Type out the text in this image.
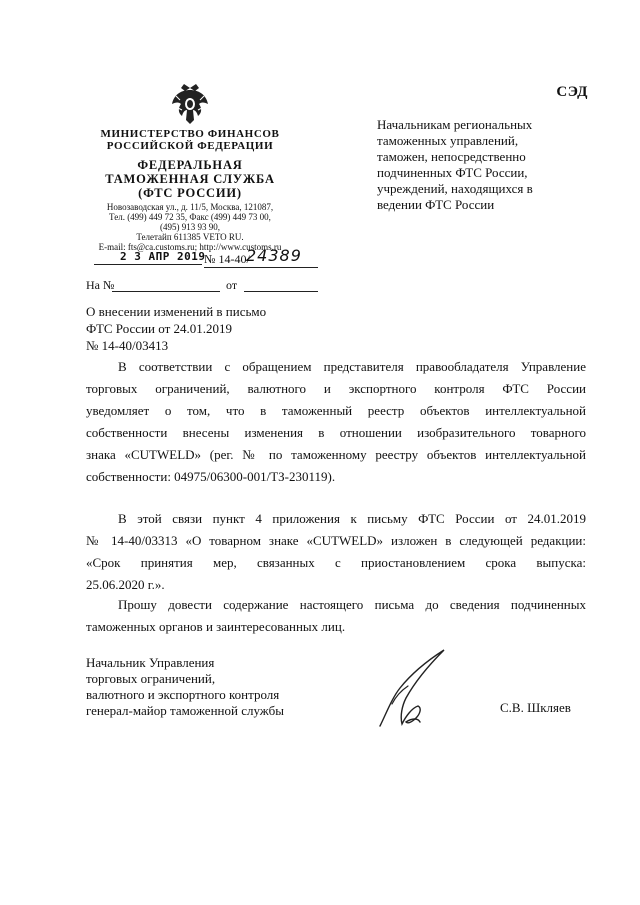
СЭД
МИНИСТЕРСТВО ФИНАНСОВ
РОССИЙСКОЙ ФЕДЕРАЦИИ
ФЕДЕРАЛЬНАЯ
ТАМОЖЕННАЯ СЛУЖБА
(ФТС РОССИИ)
Новозаводская ул., д. 11/5, Москва, 121087,
Тел. (499) 449 72 35, Факс (499) 449 73 00,
(495) 913 93 90,
Телетайп 611385 VETO RU.
E-mail: fts@ca.customs.ru; http://www.customs.ru
2 3 АПР 2019
№ 14-40/
24389
На №	от
Начальникам региональных
таможенных управлений,
таможен, непосредственно
подчиненных ФТС России,
учреждений, находящихся в
ведении ФТС России
О внесении изменений в письмо
ФТС России от 24.01.2019
№ 14-40/03413
В соответствии с обращением представителя правообладателя Управление
торговых ограничений, валютного и экспортного контроля ФТС России
уведомляет о том, что в таможенный реестр объектов интеллектуальной
собственности внесены изменения в отношении изобразительного товарного
знака «CUTWELD» (рег. № по таможенному реестру объектов интеллектуальной
собственности: 04975/06300-001/ТЗ-230119).
В этой связи пункт 4 приложения к письму ФТС России от 24.01.2019
№ 14-40/03313 «О товарном знаке «CUTWELD» изложен в следующей редакции:
«Срок принятия мер, связанных с приостановлением срока выпуска:
25.06.2020 г.».
Прошу довести содержание настоящего письма до сведения подчиненных
таможенных органов и заинтересованных лиц.
Начальник Управления
торговых ограничений,
валютного и экспортного контроля
генерал-майор таможенной службы	С.В. Шкляев
